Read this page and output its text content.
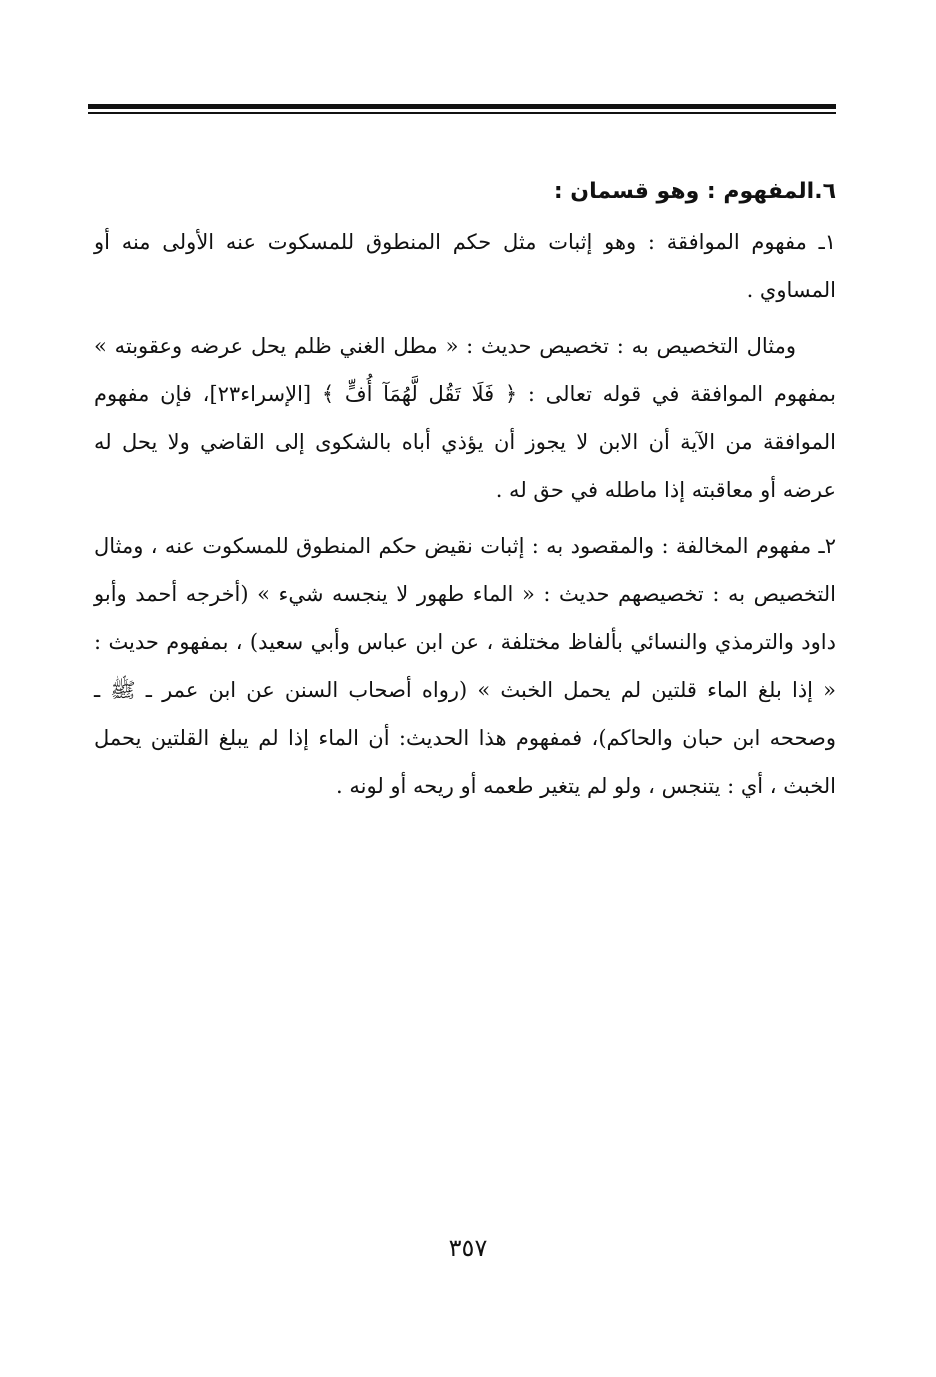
٦.المفهوم : وهو قسمان :

١ـ مفهوم الموافقة : وهو إثبات مثل حكم المنطوق للمسكوت عنه الأولى منه أو المساوي .

ومثال التخصيص به : تخصيص حديث : « مطل الغني ظلم يحل عرضه وعقوبته » بمفهوم الموافقة في قوله تعالى : ﴿ فَلَا تَقُل لَّهُمَآ أُفٍّ ﴾ [الإسراء٢٣]، فإن مفهوم الموافقة من الآية أن الابن لا يجوز أن يؤذي أباه بالشكوى إلى القاضي ولا يحل له عرضه أو معاقبته إذا ماطله في حق له .

٢ـ مفهوم المخالفة : والمقصود به : إثبات نقيض حكم المنطوق للمسكوت عنه ، ومثال التخصيص به : تخصيصهم حديث : « الماء طهور لا ينجسه شيء » (أخرجه أحمد وأبو داود والترمذي والنسائي بألفاظ مختلفة ، عن ابن عباس وأبي سعيد) ، بمفهوم حديث : « إذا بلغ الماء قلتين لم يحمل الخبث » (رواه أصحاب السنن عن ابن عمر ـ ﷺ ـ وصححه ابن حبان والحاكم)، فمفهوم هذا الحديث: أن الماء إذا لم يبلغ القلتين يحمل الخبث ، أي : يتنجس ، ولو لم يتغير طعمه أو ريحه أو لونه .

٣٥٧
